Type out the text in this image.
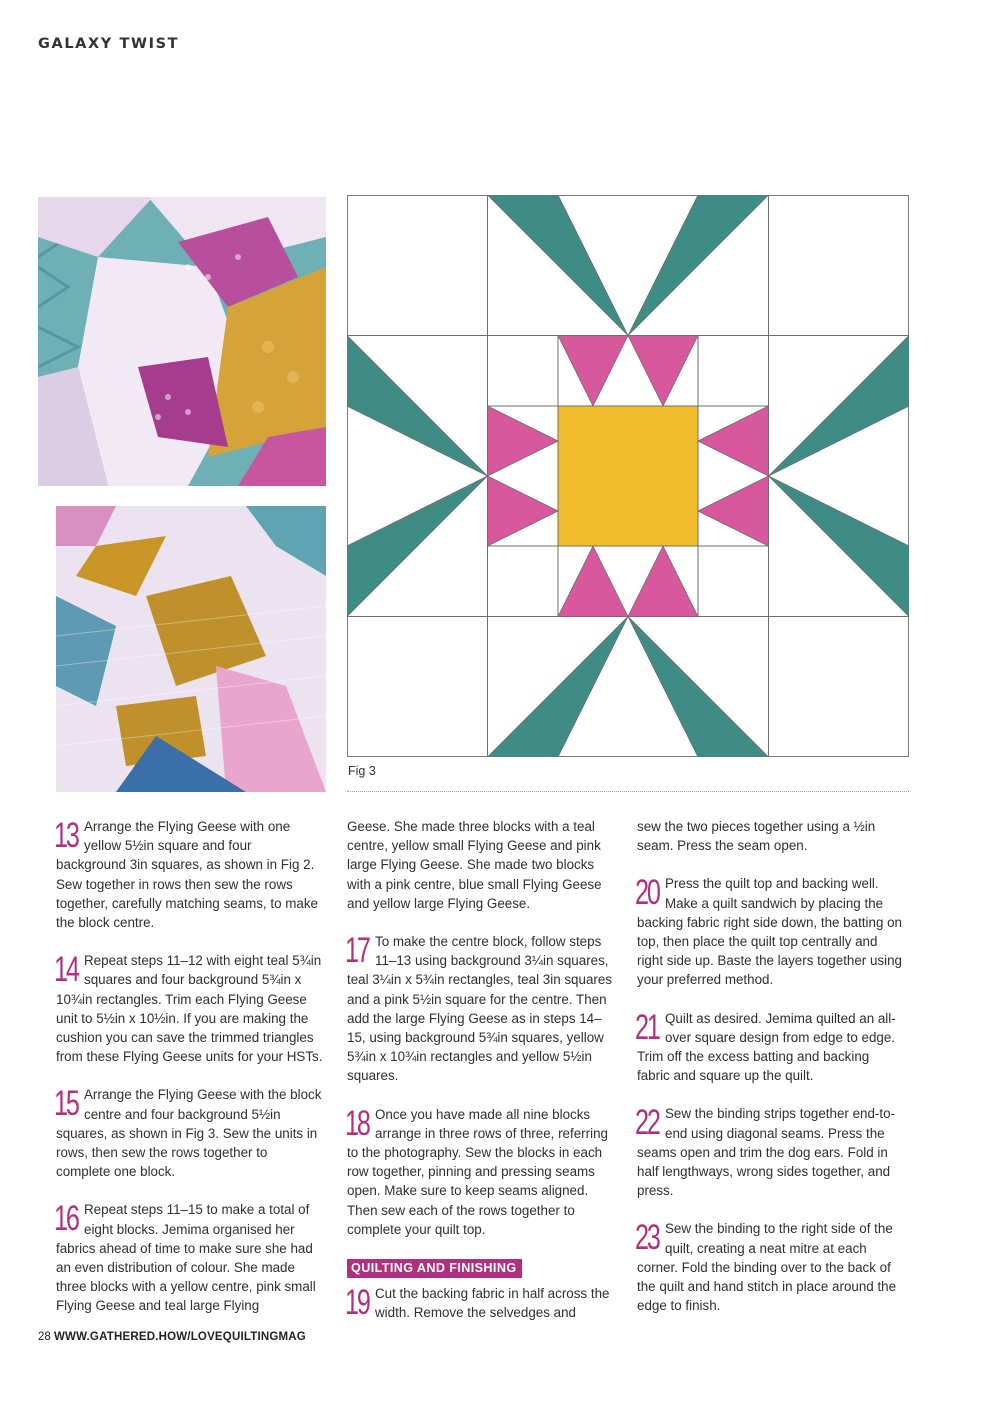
GALAXY TWIST
Fig 3

13 Arrange the Flying Geese with one yellow 5½in square and four background 3in squares, as shown in Fig 2. Sew together in rows then sew the rows together, carefully matching seams, to make the block centre.

14 Repeat steps 11–12 with eight teal 5¾in squares and four background 5¾in x 10¾in rectangles. Trim each Flying Geese unit to 5½in x 10½in. If you are making the cushion you can save the trimmed triangles from these Flying Geese units for your HSTs.

15 Arrange the Flying Geese with the block centre and four background 5½in squares, as shown in Fig 3. Sew the units in rows, then sew the rows together to complete one block.

16 Repeat steps 11–15 to make a total of eight blocks. Jemima organised her fabrics ahead of time to make sure she had an even distribution of colour. She made three blocks with a yellow centre, pink small Flying Geese and teal large Flying

Geese. She made three blocks with a teal centre, yellow small Flying Geese and pink large Flying Geese. She made two blocks with a pink centre, blue small Flying Geese and yellow large Flying Geese.

17 To make the centre block, follow steps 11–13 using background 3¼in squares, teal 3¼in x 5¾in rectangles, teal 3in squares and a pink 5½in square for the centre. Then add the large Flying Geese as in steps 14–15, using background 5¾in squares, yellow 5¾in x 10¾in rectangles and yellow 5½in squares.

18 Once you have made all nine blocks arrange in three rows of three, referring to the photography. Sew the blocks in each row together, pinning and pressing seams open. Make sure to keep seams aligned. Then sew each of the rows together to complete your quilt top.

QUILTING AND FINISHING

19 Cut the backing fabric in half across the width. Remove the selvedges and

sew the two pieces together using a ½in seam. Press the seam open.

20 Press the quilt top and backing well. Make a quilt sandwich by placing the backing fabric right side down, the batting on top, then place the quilt top centrally and right side up. Baste the layers together using your preferred method.

21 Quilt as desired. Jemima quilted an all-over square design from edge to edge. Trim off the excess batting and backing fabric and square up the quilt.

22 Sew the binding strips together end-to-end using diagonal seams. Press the seams open and trim the dog ears. Fold in half lengthways, wrong sides together, and press.

23 Sew the binding to the right side of the quilt, creating a neat mitre at each corner. Fold the binding over to the back of the quilt and hand stitch in place around the edge to finish.

28 WWW.GATHERED.HOW/LOVEQUILTINGMAG
